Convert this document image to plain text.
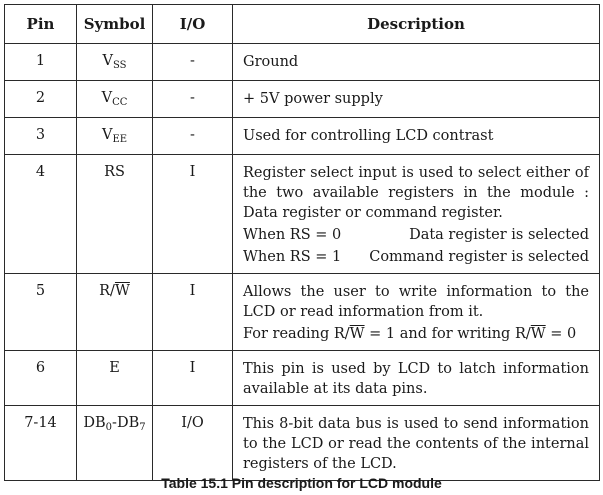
Pin	Symbol	I/O	Description
1	$V_{SS}$	-	Ground

2	$V_{CC}$	-	+ 5V power supply

3	$V_{EE}$	-	Used for controlling LCD contrast

4	RS	I	Register select input is used to select either of the two available registers in the module : Data register or command register.

When RS = 0 Data register is selected

When RS = 1 Command register is selected

5	$R/\overline{W}$	I	Allows the user to write information to the LCD or read information from it.

For reading $R/\overline{W} = 1$ and for writing $R/\overline{W} = 0$

6	E	I	This pin is used by LCD to latch information available at its data pins.

7-14	$DB_0-DB_7$	I/O	This 8-bit data bus is used to send information to the LCD or read the contents of the internal registers of the LCD.

Table 15.1 Pin description for LCD module
